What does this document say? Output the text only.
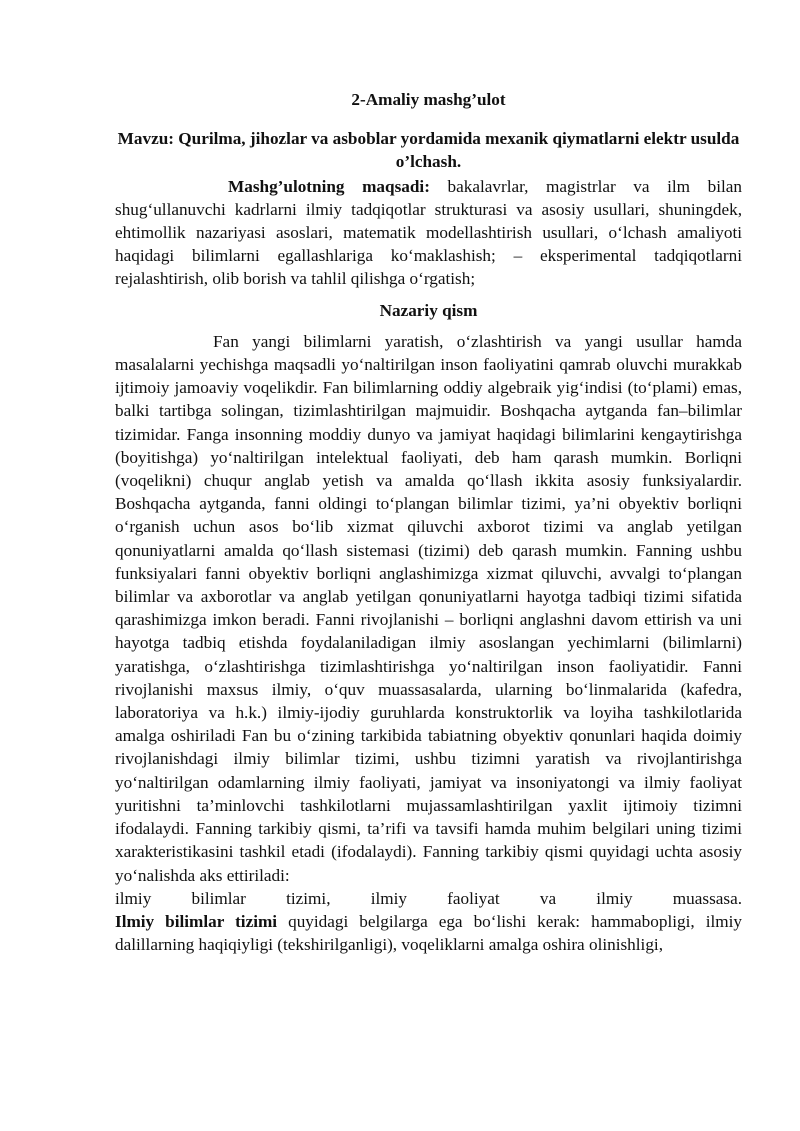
2-Amaliy mashg’ulot
Mavzu: Qurilma, jihozlar va asboblar yordamida mexanik qiymatlarni elektr usulda o’lchash.

Mashg’ulotning maqsadi: bakalavrlar, magistrlar va ilm bilan shug‘ullanuvchi kadrlarni ilmiy tadqiqotlar strukturasi va asosiy usullari, shuningdek, ehtimollik nazariyasi asoslari, matematik modellashtirish usullari, o‘lchash amaliyoti haqidagi bilimlarni egallashlariga ko‘maklashish; – eksperimental tadqiqotlarni rejalashtirish, olib borish va tahlil qilishga o‘rgatish;

Nazariy qism

Fan yangi bilimlarni yaratish, o‘zlashtirish va yangi usullar hamda masalalarni yechishga maqsadli yo‘naltirilgan inson faoliyatini qamrab oluvchi murakkab ijtimoiy jamoaviy voqelikdir. Fan bilimlarning oddiy algebraik yig‘indisi (to‘plami) emas, balki tartibga solingan, tizimlashtirilgan majmuidir. Boshqacha aytganda fan–bilimlar tizimidar. Fanga insonning moddiy dunyo va jamiyat haqidagi bilimlarini kengaytirishga (boyitishga) yo‘naltirilgan intelektual faoliyati, deb ham qarash mumkin. Borliqni (voqelikni) chuqur anglab yetish va amalda qo‘llash ikkita asosiy funksiyalardir. Boshqacha aytganda, fanni oldingi to‘plangan bilimlar tizimi, ya’ni obyektiv borliqni o‘rganish uchun asos bo‘lib xizmat qiluvchi axborot tizimi va anglab yetilgan qonuniyatlarni amalda qo‘llash sistemasi (tizimi) deb qarash mumkin. Fanning ushbu funksiyalari fanni obyektiv borliqni anglashimizga xizmat qiluvchi, avvalgi to‘plangan bilimlar va axborotlar va anglab yetilgan qonuniyatlarni hayotga tadbiqi tizimi sifatida qarashimizga imkon beradi. Fanni rivojlanishi – borliqni anglashni davom ettirish va uni hayotga tadbiq etishda foydalaniladigan ilmiy asoslangan yechimlarni (bilimlarni) yaratishga, o‘zlashtirishga tizimlashtirishga yo‘naltirilgan inson faoliyatidir. Fanni rivojlanishi maxsus ilmiy, o‘quv muassasalarda, ularning bo‘linmalarida (kafedra, laboratoriya va h.k.) ilmiy-ijodiy guruhlarda konstruktorlik va loyiha tashkilotlarida amalga oshiriladi Fan bu o‘zining tarkibida tabiatning obyektiv qonunlari haqida doimiy rivojlanishdagi ilmiy bilimlar tizimi, ushbu tizimni yaratish va rivojlantirishga yo‘naltirilgan odamlarning ilmiy faoliyati, jamiyat va insoniyatongi va ilmiy faoliyat yuritishni ta’minlovchi tashkilotlarni mujassamlashtirilgan yaxlit ijtimoiy tizimni ifodalaydi. Fanning tarkibiy qismi, ta’rifi va tavsifi hamda muhim belgilari uning tizimi xarakteristikasini tashkil etadi (ifodalaydi). Fanning tarkibiy qismi quyidagi uchta asosiy yo‘nalishda aks ettiriladi:

ilmiy bilimlar tizimi, ilmiy faoliyat va ilmiy muassasa.

Ilmiy bilimlar tizimi quyidagi belgilarga ega bo‘lishi kerak: hammabopligi, ilmiy dalillarning haqiqiyligi (tekshirilganligi), voqeliklarni amalga oshira olinishligi,
